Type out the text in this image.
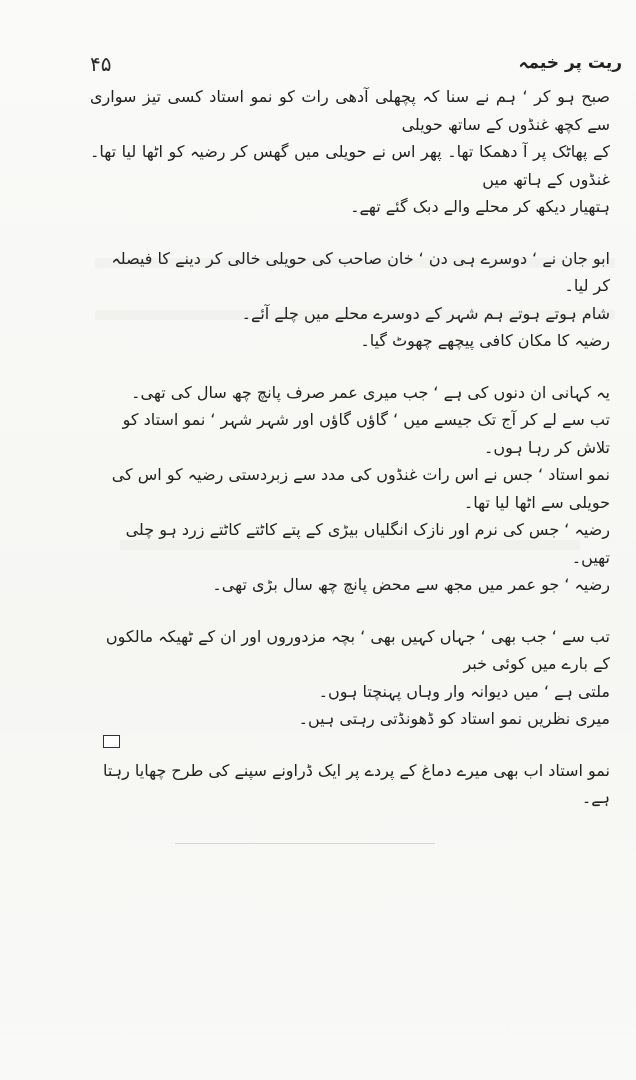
۴۵	ریت پر خیمہ

صبح ہو کر ‘ ہم نے سنا کہ پچھلی آدھی رات کو نمو استاد کسی تیز سواری سے کچھ غنڈوں کے ساتھ حویلی

کے پھاٹک پر آ دھمکا تھا۔ پھر اس نے حویلی میں گھس کر رضیہ کو اٹھا لیا تھا۔ غنڈوں کے ہاتھ میں

ہتھیار دیکھ کر محلے والے دبک گئے تھے۔

ابو جان نے ‘ دوسرے ہی دن ‘ خان صاحب کی حویلی خالی کر دینے کا فیصلہ کر لیا۔

شام ہوتے ہوتے ہم شہر کے دوسرے محلے میں چلے آئے۔

رضیہ کا مکان کافی پیچھے چھوٹ گیا۔

یہ کہانی ان دنوں کی ہے ‘ جب میری عمر صرف پانچ چھ سال کی تھی۔

تب سے لے کر آج تک جیسے میں ‘ گاؤں گاؤں اور شہر شہر ‘ نمو استاد کو تلاش کر رہا ہوں۔

نمو استاد ‘ جس نے اس رات غنڈوں کی مدد سے زبردستی رضیہ کو اس کی حویلی سے اٹھا لیا تھا۔

رضیہ ‘ جس کی نرم اور نازک انگلیاں بیڑی کے پتے کاٹتے کاٹتے زرد ہو چلی تھیں۔

رضیہ ‘ جو عمر میں مجھ سے محض پانچ چھ سال بڑی تھی۔

تب سے ‘ جب بھی ‘ جہاں کہیں بھی ‘ بچہ مزدوروں اور ان کے ٹھیکہ مالکوں کے بارے میں کوئی خبر

ملتی ہے ‘ میں دیوانہ وار وہاں پہنچتا ہوں۔

میری نظریں نمو استاد کو ڈھونڈتی رہتی ہیں۔

نمو استاد اب بھی میرے دماغ کے پردے پر ایک ڈراونے سپنے کی طرح چھایا رہتا ہے۔
